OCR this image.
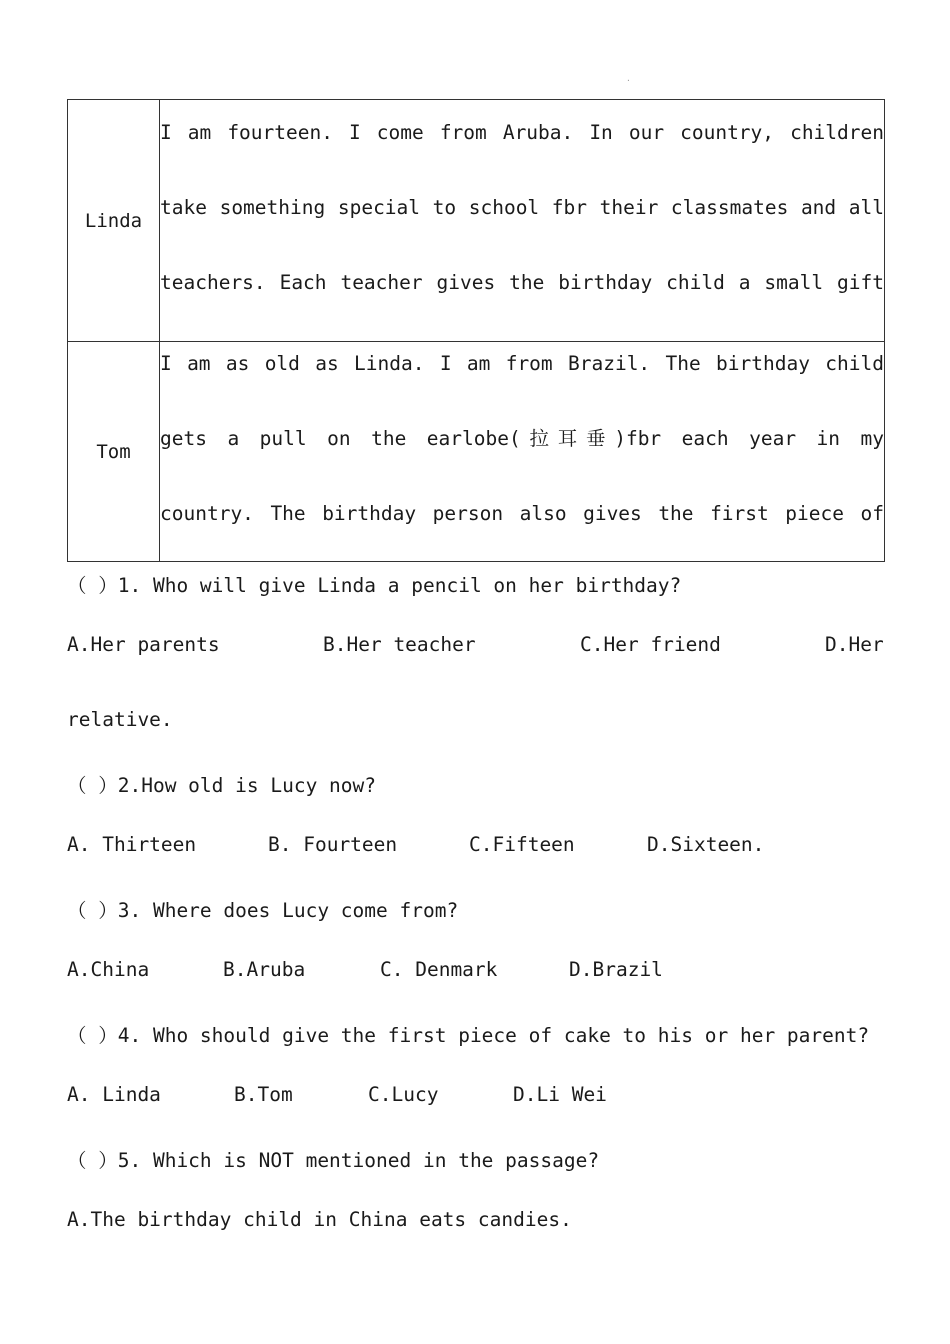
·
Linda	I am fourteen. I come from Aruba. In our country, children
take something special to school fbr their classmates and all
teachers. Each teacher gives the birthday child a small gift

Tom	I am as old as Linda. I am from Brazil. The birthday child
gets a pull on the earlobe(拉耳垂)fbr each year in my
country. The birthday person also gives the first piece of
（ ）1. Who will give Linda a pencil on her birthday?
A.Her parents	B.Her teacher	C.Her friend	D.Her
relative.
（ ）2.How old is Lucy now?
A. Thirteen	B. Fourteen	C.Fifteen	D.Sixteen.
（ ）3. Where does Lucy come from?
A.China	B.Aruba	C. Denmark	D.Brazil
（ ）4. Who should give the first piece of cake to his or her parent?
A. Linda	B.Tom	C.Lucy	D.Li Wei
（ ）5. Which is NOT mentioned in the passage?
A.The birthday child in China eats candies.
